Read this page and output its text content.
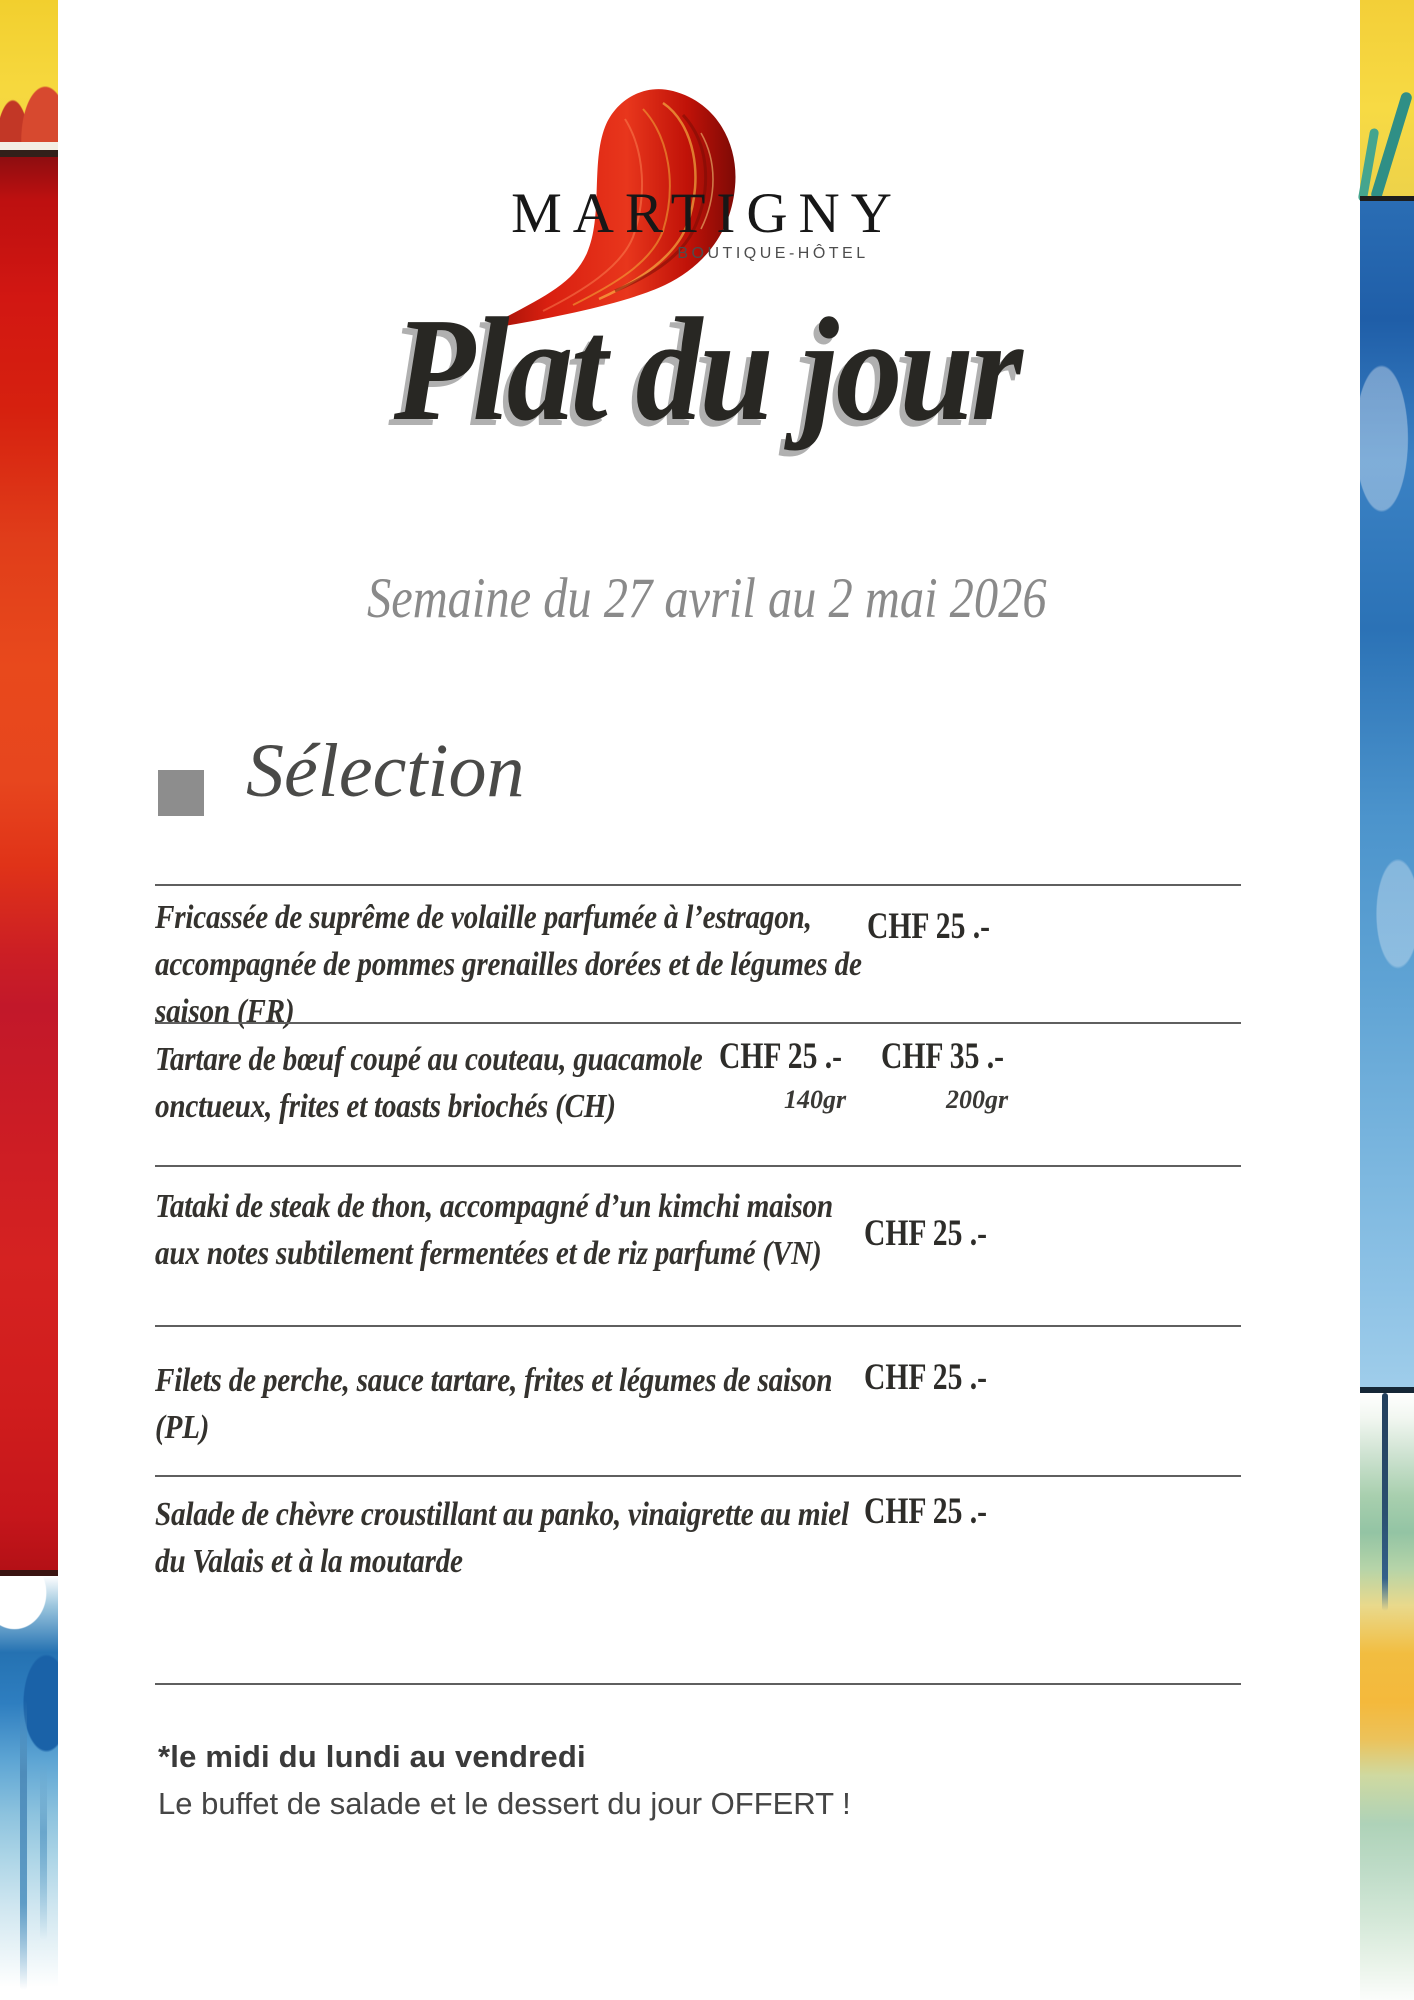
MARTIGNY
BOUTIQUE-HÔTEL
Plat du jour
Semaine du 27 avril au 2 mai 2026
Sélection
Fricassée de suprême de volaille parfumée à l’estragon, accompagnée de pommes grenailles dorées et de légumes de saison (FR)
CHF 25 .-
Tartare de bœuf coupé au couteau, guacamole onctueux, frites et toasts briochés (CH)
CHF 25 .-
140gr
CHF 35 .-
200gr
Tataki de steak de thon, accompagné d’un kimchi maison aux notes subtilement fermentées et de riz parfumé (VN)	CHF 25 .-
Filets de perche, sauce tartare, frites et légumes de saison (PL)
CHF 25 .-
Salade de chèvre croustillant au panko, vinaigrette au miel du Valais et à la moutarde
CHF 25 .-
*le midi du lundi au vendredi
Le buffet de salade et le dessert du jour OFFERT !
